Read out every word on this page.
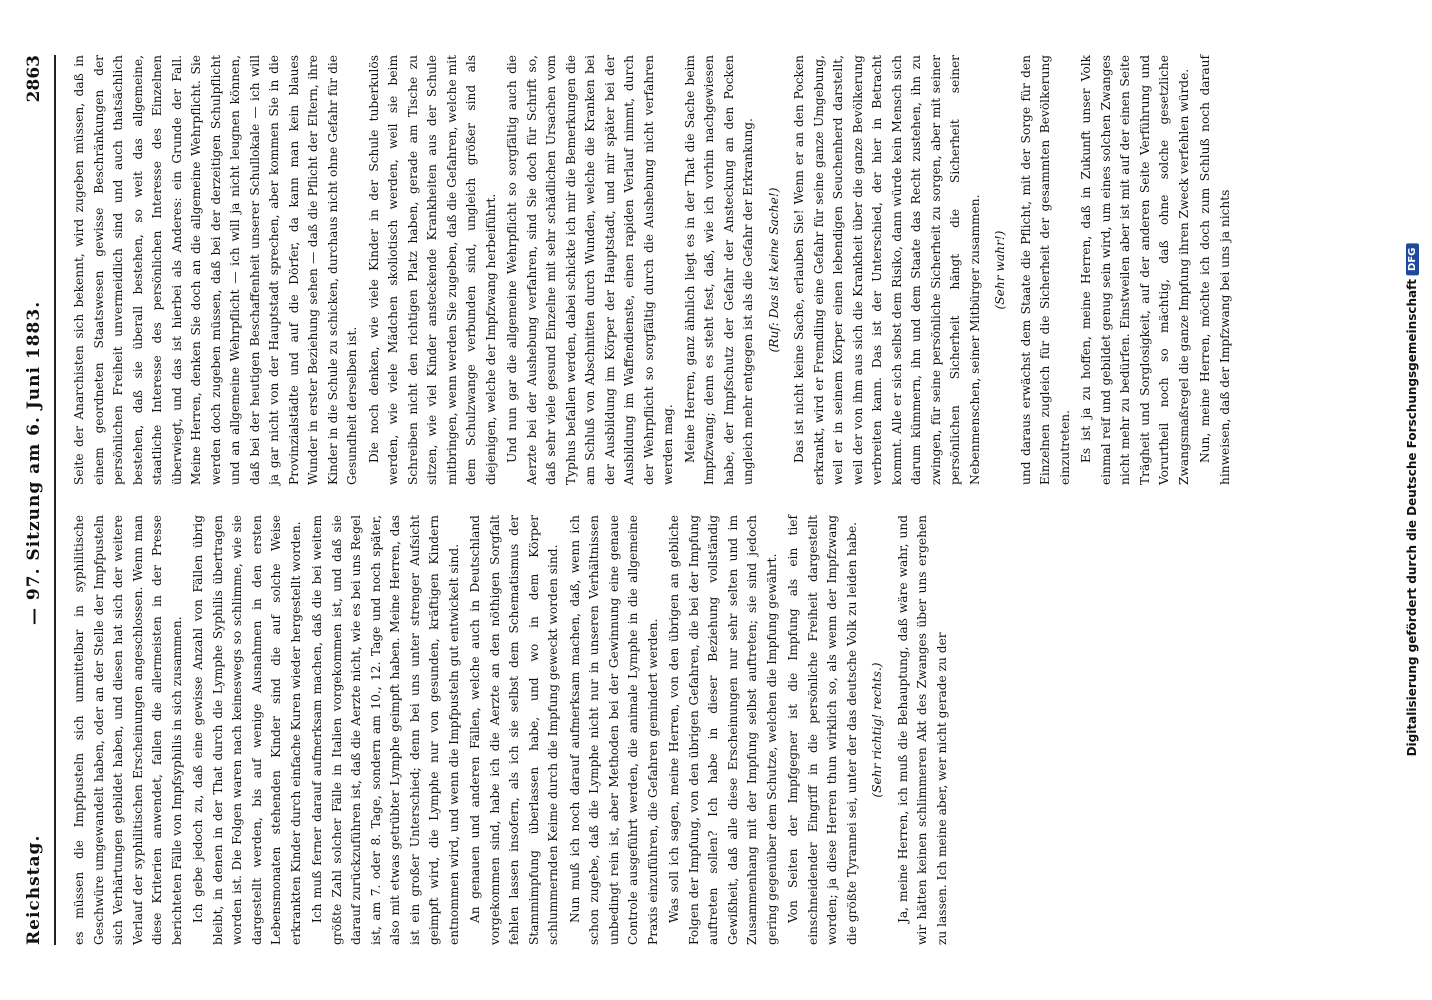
Reichstag.
— 97. Sitzung am 6. Juni 1883.
2863

es müssen die Impfpusteln sich unmittelbar in syphilitische Geschwüre umgewandelt haben, oder an der Stelle der Impfpusteln sich Verhärtungen gebildet haben, und diesen hat sich der weitere Verlauf der syphilitischen Erscheinungen angeschlossen. Wenn man diese Kriterien anwendet, fallen die allermeisten in der Presse berichteten Fälle von Impfsyphilis in sich zusammen. Ich gebe jedoch zu, daß eine gewisse Anzahl von Fällen übrig bleibt, in denen in der That durch die Lymphe Syphilis übertragen worden ist. Die Folgen waren nach keineswegs so schlimme, wie sie dargestellt werden, bis auf wenige Ausnahmen in den ersten Lebensmonaten stehenden Kinder sind die auf solche Weise erkrankten Kinder durch einfache Kuren wieder hergestellt worden. Ich muß ferner darauf aufmerksam machen, daß die bei weitem größte Zahl solcher Fälle in Italien vorgekommen ist, und daß sie darauf zurückzuführen ist, daß die Aerzte nicht, wie es bei uns Regel ist, am 7. oder 8. Tage, sondern am 10., 12. Tage und noch später, also mit etwas getrübter Lymphe geimpft haben. Meine Herren, das ist ein großer Unterschied; denn bei uns unter strenger Aufsicht geimpft wird, die Lymphe nur von gesunden, kräftigen Kindern entnommen wird, und wenn die Impfpusteln gut entwickelt sind. An genauen und anderen Fällen, welche auch in Deutschland vorgekommen sind, habe ich die Aerzte an den nöthigen Sorgfalt fehlen lassen insofern, als ich sie selbst dem Schematismus der Stammimpfung überlassen habe, und wo in dem Körper schlummernden Keime durch die Impfung geweckt worden sind. Nun muß ich noch darauf aufmerksam machen, daß, wenn ich schon zugebe, daß die Lymphe nicht nur in unseren Verhältnissen unbedingt rein ist, aber Methoden bei der Gewinnung eine genaue Controle ausgeführt werden, die animale Lymphe in die allgemeine Praxis einzuführen, die Gefahren gemindert werden. Was soll ich sagen, meine Herren, von den übrigen an gebliche Folgen der Impfung, von den übrigen Gefahren, die bei der Impfung auftreten sollen? Ich habe in dieser Beziehung vollständig Gewißheit, daß alle diese Erscheinungen nur sehr selten und im Zusammenhang mit der Impfung selbst auftreten; sie sind jedoch gering gegenüber dem Schutze, welchen die Impfung gewährt. Von Seiten der Impfgegner ist die Impfung als ein tief einschneidender Eingriff in die persönliche Freiheit dargestellt worden; ja diese Herren thun wirklich so, als wenn der Impfzwang die größte Tyrannei sei, unter der das deutsche Volk zu leiden habe. (Sehr richtig! rechts.) Ja, meine Herren, ich muß die Behauptung, daß wäre wahr, und wir hätten keinen schlimmeren Akt des Zwanges über uns ergehen zu lassen. Ich meine aber, wer nicht gerade zu der

Seite der Anarchisten sich bekennt, wird zugeben müssen, daß in einem geordneten Staatswesen gewisse Beschränkungen der persönlichen Freiheit unvermeidlich sind und auch thatsächlich bestehen, daß sie überall bestehen, so weit das allgemeine, staatliche Interesse des persönlichen Interesse des Einzelnen überwiegt, und das ist hierbei als Anderes: ein Grunde der Fall. Meine Herren, denken Sie doch an die allgemeine Wehrpflicht. Sie werden doch zugeben müssen, daß bei der derzeitigen Schulpflicht und an allgemeine Wehrpflicht — ich will ja nicht leugnen können, daß bei der heutigen Beschaffenheit unserer Schullokale — ich will ja gar nicht von der Hauptstadt sprechen, aber kommen Sie in die Provinzialstädte und auf die Dörfer, da kann man kein blaues Wunder in erster Beziehung sehen — daß die Pflicht der Eltern, ihre Kinder in die Schule zu schicken, durchaus nicht ohne Gefahr für die Gesundheit derselben ist. Die noch denken, wie viele Kinder in der Schule tuberkulös werden, wie viele Mädchen skoliotisch werden, weil sie beim Schreiben nicht den richtigen Platz haben, gerade am Tische zu sitzen, wie viel Kinder ansteckende Krankheiten aus der Schule mitbringen, wenn werden Sie zugeben, daß die Gefahren, welche mit dem Schulzwange verbunden sind, ungleich größer sind als diejenigen, welche der Impfzwang herbeiführt. Und nun gar die allgemeine Wehrpflicht so sorgfältig auch die Aerzte bei der Aushebung verfahren, sind Sie doch für Schrift so, daß sehr viele gesund Einzelne mit sehr schädlichen Ursachen vom Typhus befallen werden, dabei schickte ich mir die Bemerkungen die am Schluß von Abschnitten durch Wunden, welche die Kranken bei der Ausbildung im Körper der Hauptstadt, und mir später bei der Ausbildung im Waffendienste, einen rapiden Verlauf nimmt, durch der Wehrpflicht so sorgfältig durch die Aushebung nicht verfahren werden mag. Meine Herren, ganz ähnlich liegt es in der That die Sache beim Impfzwang; denn es steht fest, daß, wie ich vorhin nachgewiesen habe, der Impfschutz der Gefahr der Ansteckung an den Pocken ungleich mehr entgegen ist als die Gefahr der Erkrankung. (Ruf: Das ist keine Sache!) Das ist nicht keine Sache, erlauben Sie! Wenn er an den Pocken erkrankt, wird er Fremdling eine Gefahr für seine ganze Umgebung, weil er in seinem Körper einen lebendigen Seuchenherd darstellt, weil der von ihm aus sich die Krankheit über die ganze Bevölkerung verbreiten kann. Das ist der Unterschied, der hier in Betracht kommt. Alle er sich selbst dem Risiko, dann würde kein Mensch sich darum kümmern, ihn und dem Staate das Recht zustehen, ihn zu zwingen, für seine persönliche Sicherheit zu sorgen, aber mit seiner persönlichen Sicherheit hängt die Sicherheit seiner Nebenmenschen, seiner Mitbürger zusammen. (Sehr wahr!) und daraus erwächst dem Staate die Pflicht, mit der Sorge für den Einzelnen zugleich für die Sicherheit der gesammten Bevölkerung einzutreten. Es ist ja zu hoffen, meine Herren, daß in Zukunft unser Volk einmal reif und gebildet genug sein wird, um eines solchen Zwanges nicht mehr zu bedürfen. Einstweilen aber ist mit auf der einen Seite Trägheit und Sorglosigkeit, auf der anderen Seite Verführung und Vorurtheil noch so mächtig, daß ohne solche gesetzliche Zwangsmaßregel die ganze Impfung ihren Zweck verfehlen würde. Nun, meine Herren, möchte ich doch zum Schluß noch darauf hinweisen, daß der Impfzwang bei uns ja nichts	Digitalisierung gefördert durch die Deutsche Forschungsgemeinschaft
DFG
